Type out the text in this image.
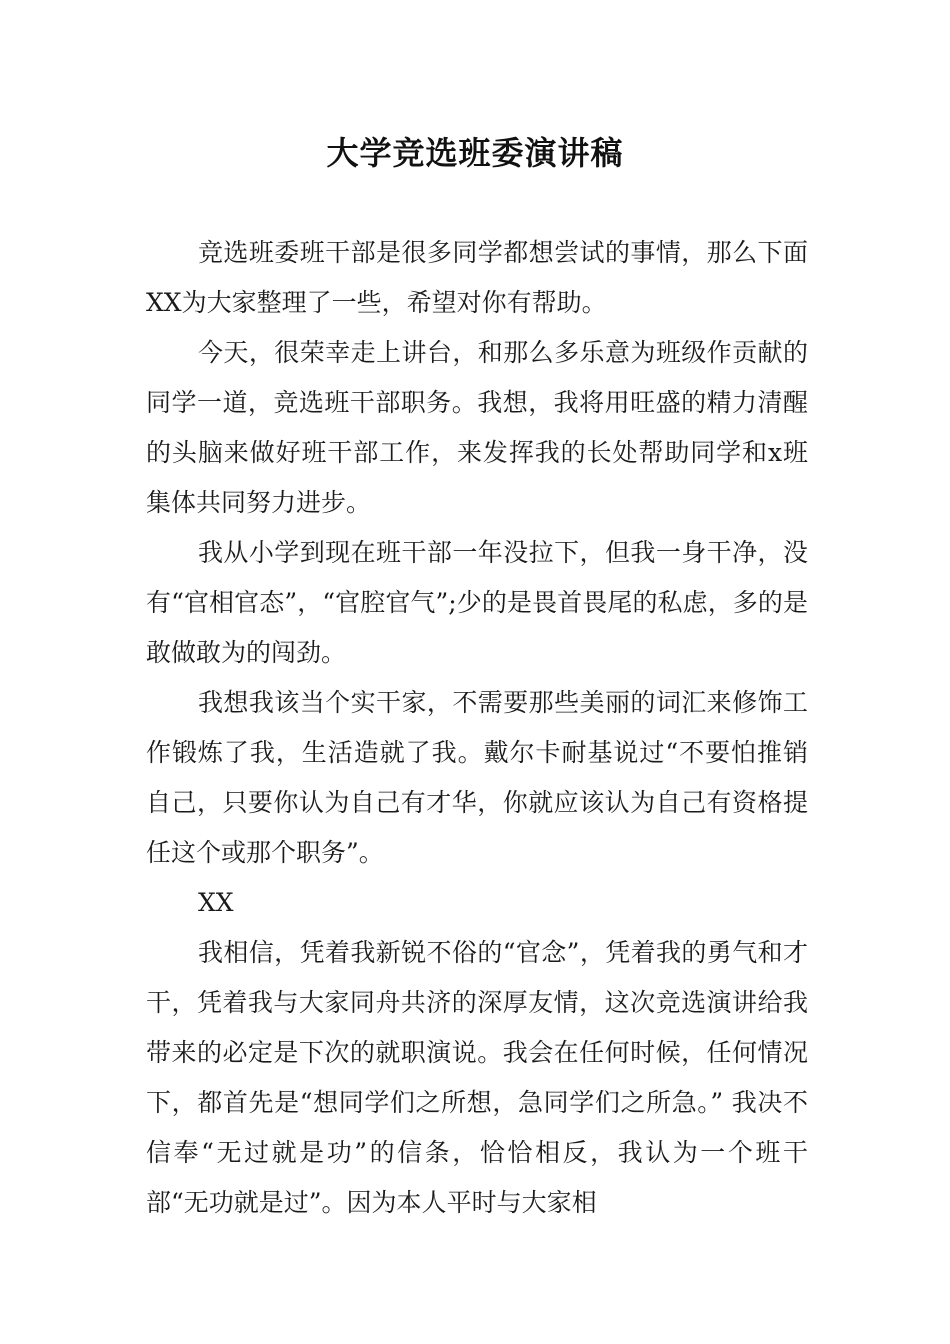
大学竞选班委演讲稿

竞选班委班干部是很多同学都想尝试的事情，那么下面XX为大家整理了一些，希望对你有帮助。

今天，很荣幸走上讲台，和那么多乐意为班级作贡献的同学一道，竞选班干部职务。我想，我将用旺盛的精力清醒的头脑来做好班干部工作，来发挥我的长处帮助同学和x班集体共同努力进步。

我从小学到现在班干部一年没拉下，但我一身干净，没有“官相官态”，“官腔官气”;少的是畏首畏尾的私虑，多的是敢做敢为的闯劲。

我想我该当个实干家，不需要那些美丽的词汇来修饰工作锻炼了我，生活造就了我。戴尔卡耐基说过“不要怕推销自己，只要你认为自己有才华，你就应该认为自己有资格提任这个或那个职务”。

XX

我相信，凭着我新锐不俗的“官念”，凭着我的勇气和才干，凭着我与大家同舟共济的深厚友情，这次竞选演讲给我带来的必定是下次的就职演说。我会在任何时候，任何情况下，都首先是“想同学们之所想，急同学们之所急。” 我决不信奉“无过就是功”的信条，恰恰相反，我认为一个班干部“无功就是过”。因为本人平时与大家相
